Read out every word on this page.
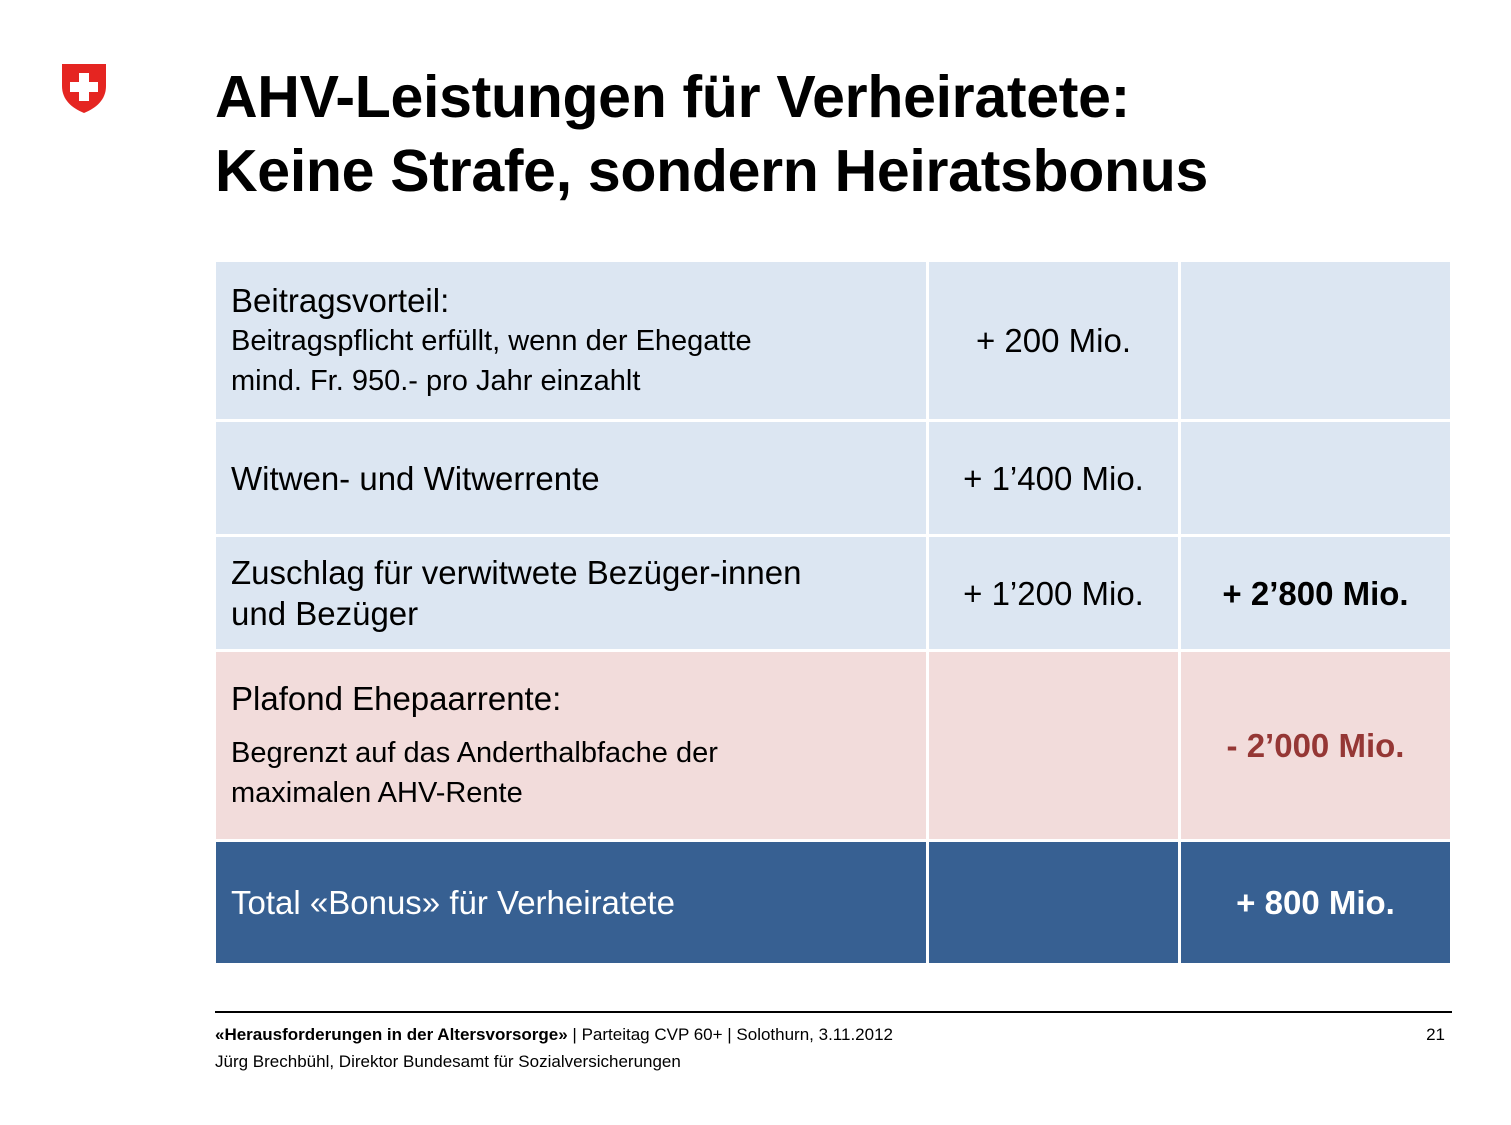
AHV-Leistungen für Verheiratete:
Keine Strafe, sondern Heiratsbonus
Beitragsvorteil:
Beitragspflicht erfüllt, wenn der Ehegatte
mind. Fr. 950.- pro Jahr einzahlt	+ 200 Mio.	
Witwen- und Witwerrente	+ 1’400 Mio.	

Zuschlag für verwitwete Bezüger-innen
und Bezüger	+ 1’200 Mio.	+ 2’800 Mio.

Plafond Ehepaarrente:
Begrenzt auf das Anderthalbfache der
maximalen AHV-Rente		- 2’000 Mio.
Total «Bonus» für Verheiratete		+ 800 Mio.
«Herausforderungen in der Altersvorsorge» | Parteitag CVP 60+ | Solothurn, 3.11.2012
Jürg Brechbühl, Direktor Bundesamt für Sozialversicherungen
21
